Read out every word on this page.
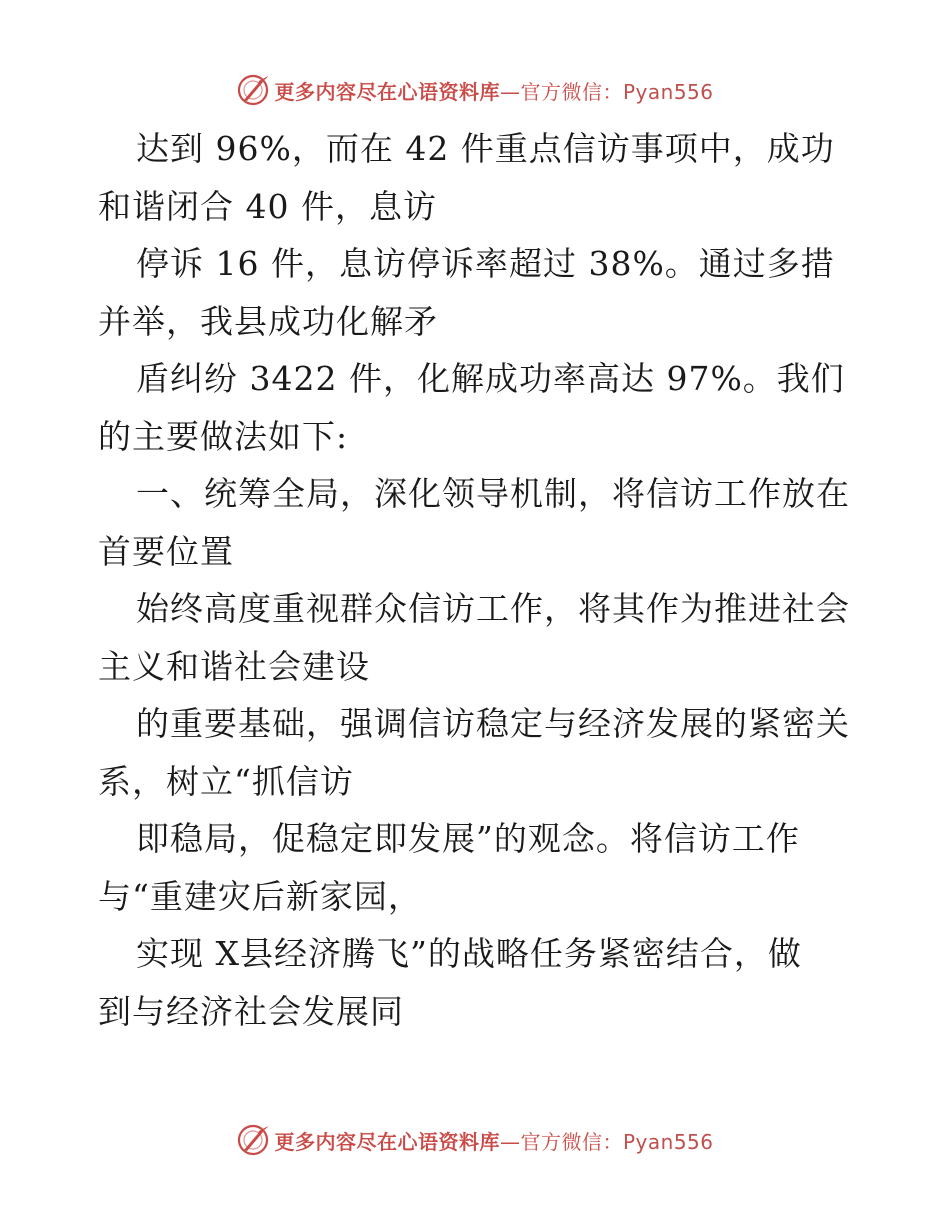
更多内容尽在心语资料库—官方微信：Pyan556
达到 96%，而在 42 件重点信访事项中，成功
和谐闭合 40 件，息访
停诉 16 件，息访停诉率超过 38%。通过多措
并举，我县成功化解矛
盾纠纷 3422 件，化解成功率高达 97%。我们
的主要做法如下:
一、统筹全局，深化领导机制，将信访工作放在
首要位置
始终高度重视群众信访工作，将其作为推进社会
主义和谐社会建设
的重要基础，强调信访稳定与经济发展的紧密关
系，树立“抓信访
即稳局，促稳定即发展”的观念。将信访工作
与“重建灾后新家园，
实现 X县经济腾飞”的战略任务紧密结合，做
到与经济社会发展同
更多内容尽在心语资料库—官方微信：Pyan556
